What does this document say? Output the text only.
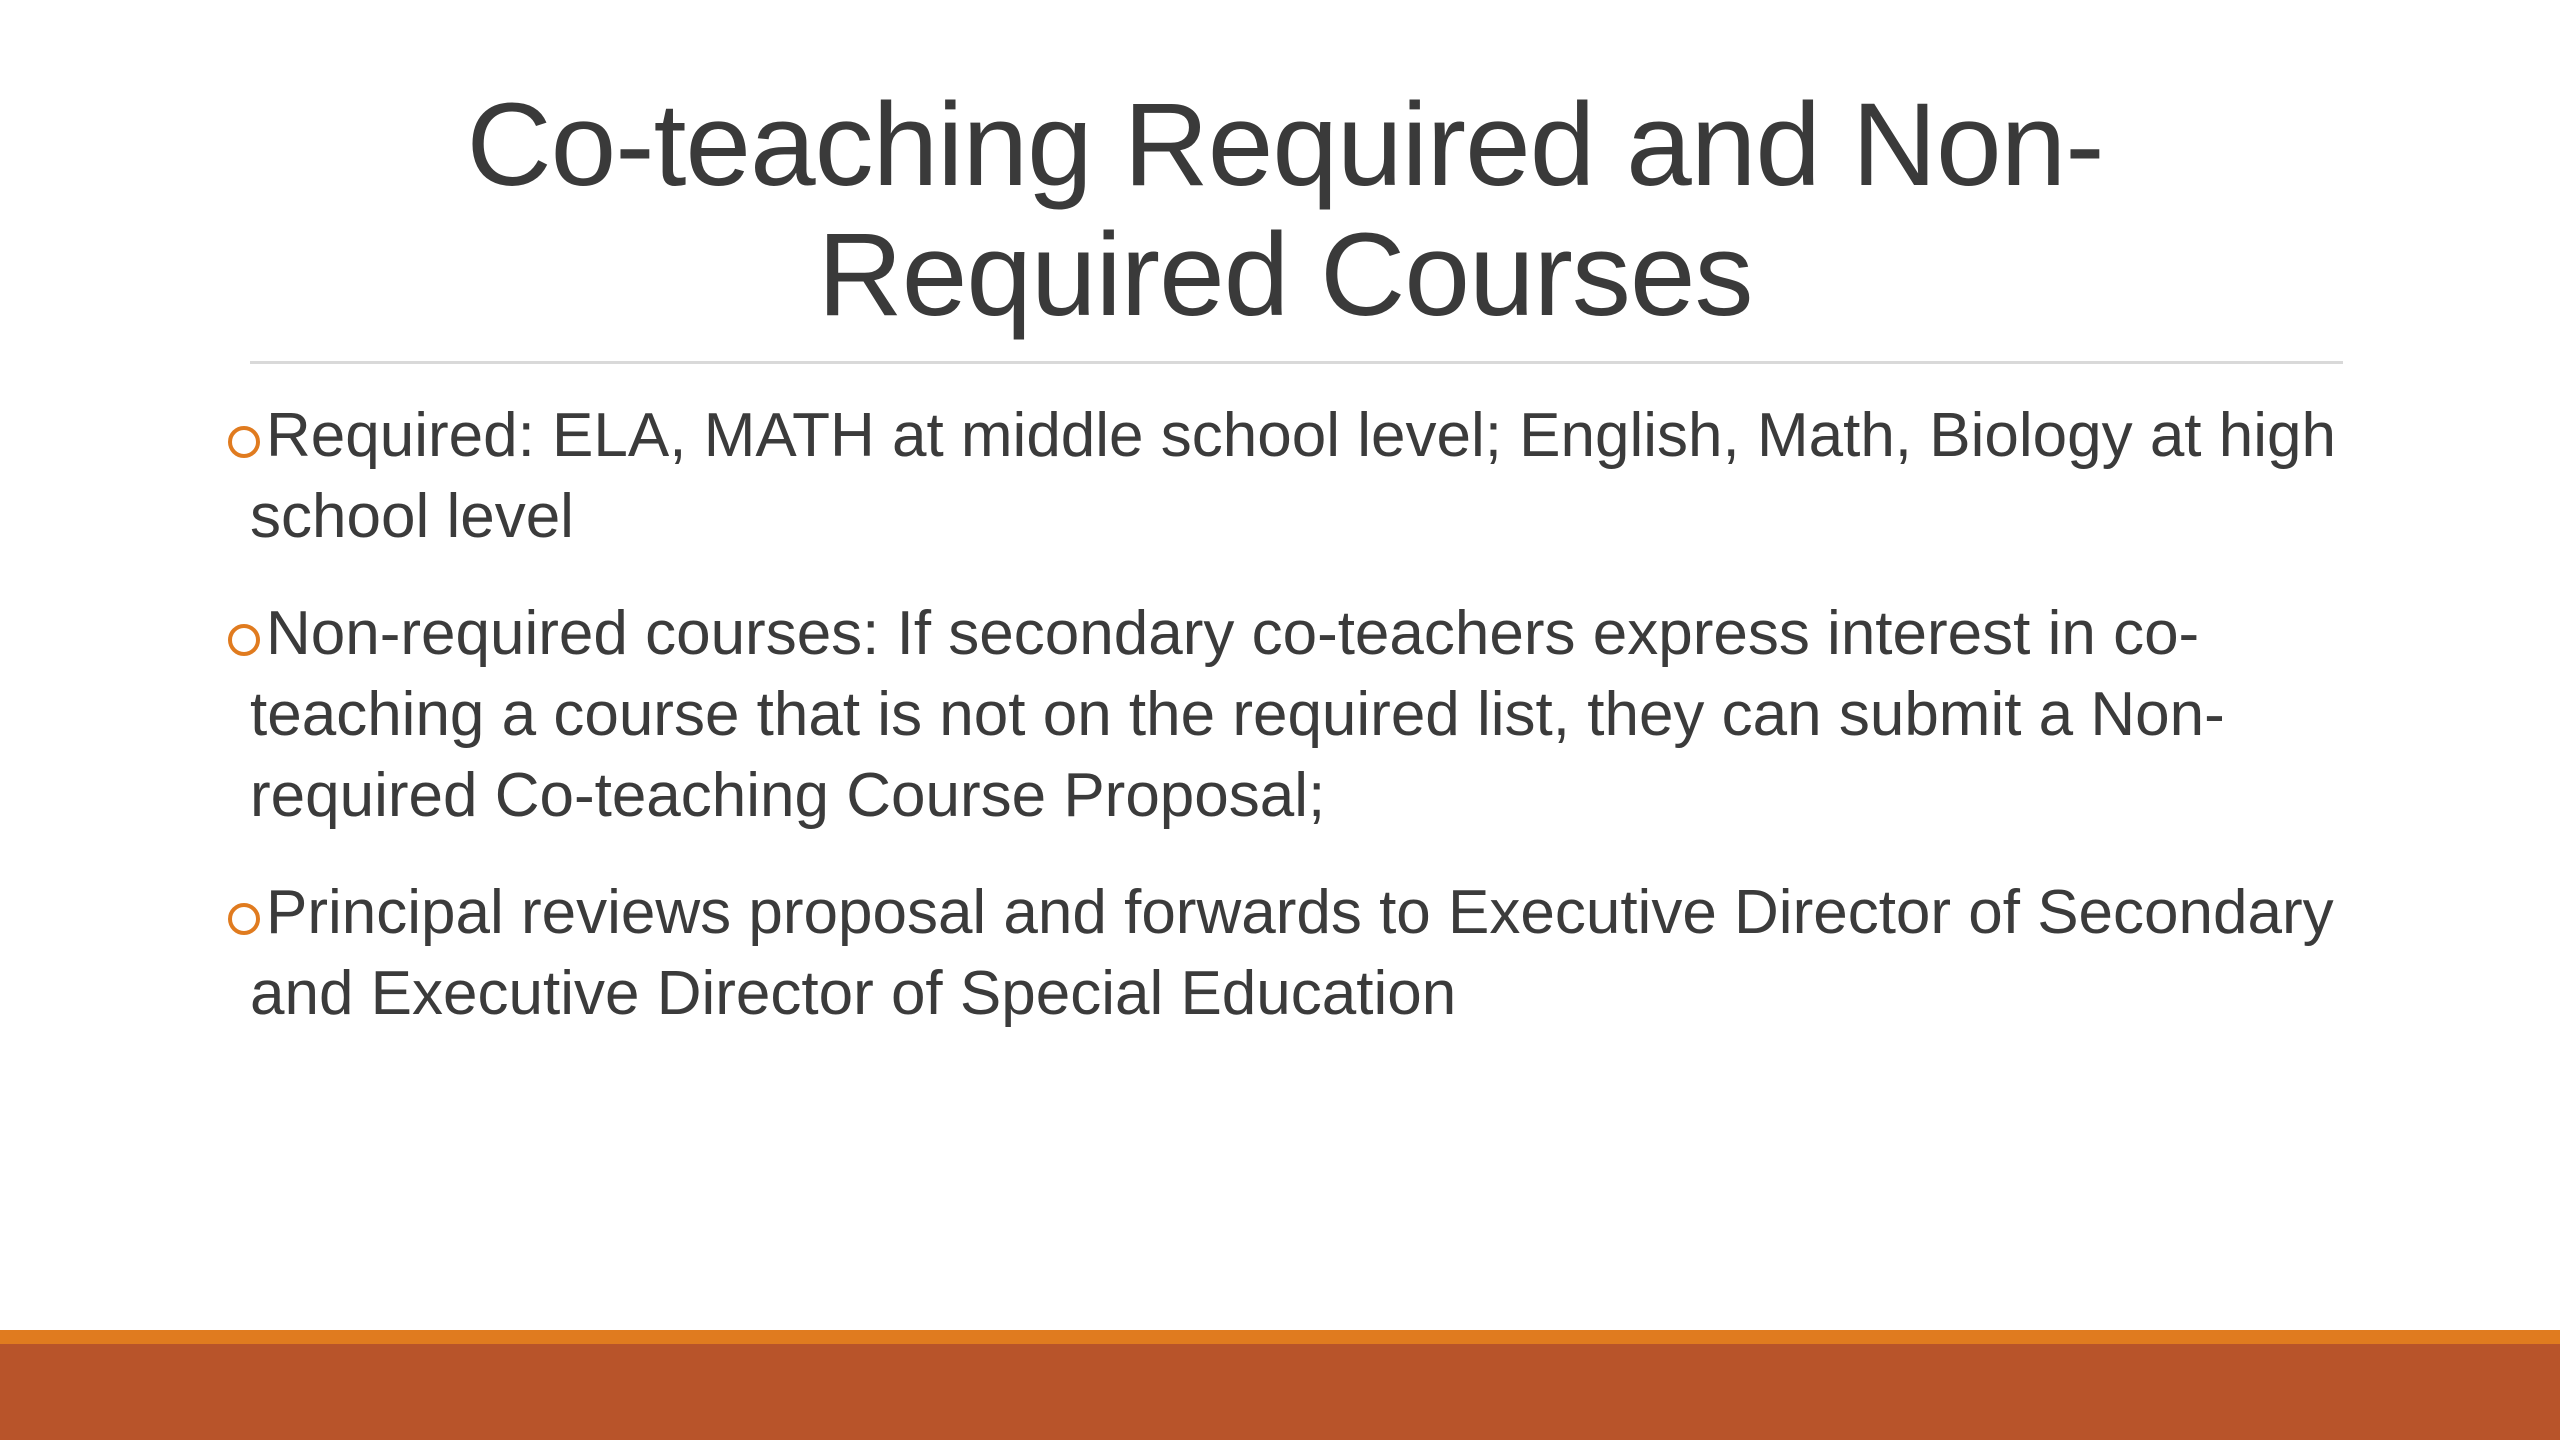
Co-teaching Required and Non-Required Courses
Required: ELA, MATH at middle school level; English, Math, Biology at high school level
Non-required courses: If secondary co-teachers express interest in co-teaching a course that is not on the required list, they can submit a Non-required Co-teaching Course Proposal;
Principal reviews proposal and forwards to Executive Director of Secondary and Executive Director of Special Education
